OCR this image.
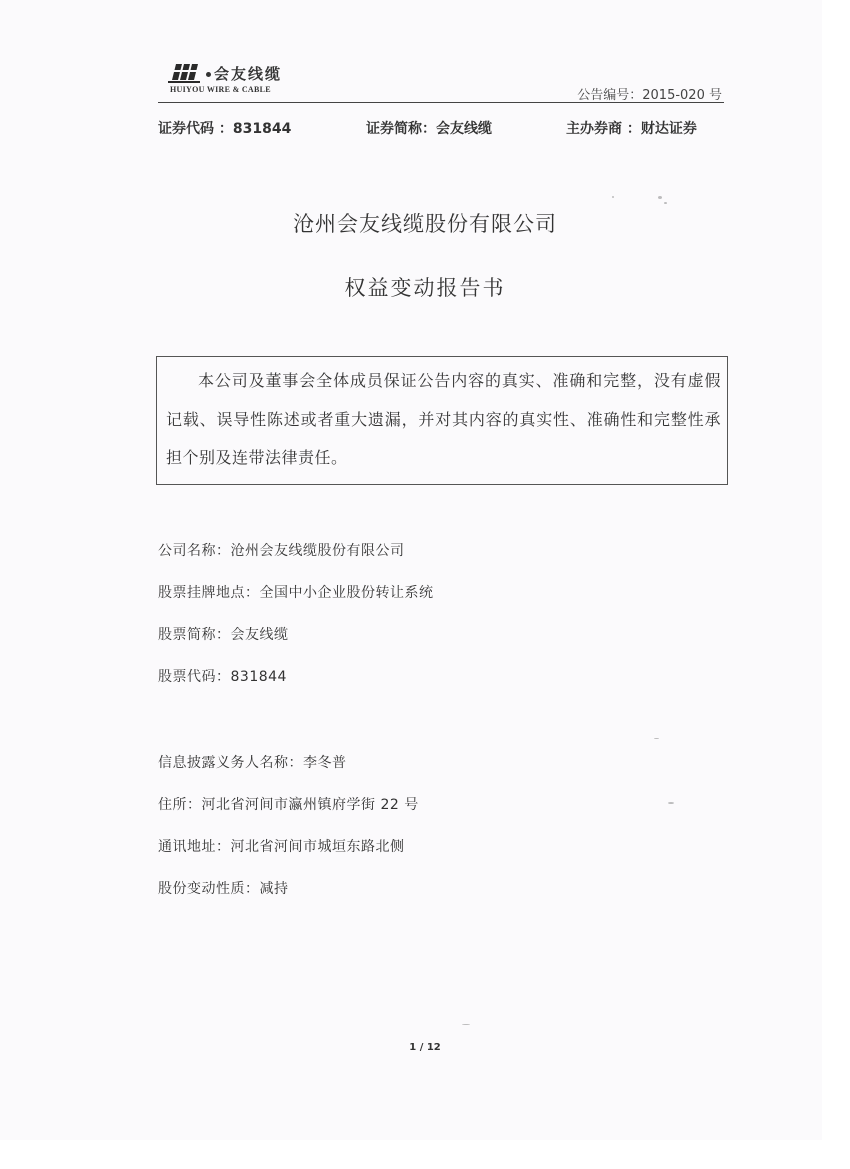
会友线缆
HUIYOU WIRE & CABLE	公告编号：2015-020 号
证券代码 ：831844	证券简称：会友线缆	主办券商 ：财达证券
沧州会友线缆股份有限公司
权益变动报告书

本公司及董事会全体成员保证公告内容的真实、准确和完整，没有虚假记载、误导性陈述或者重大遗漏，并对其内容的真实性、准确性和完整性承担个别及连带法律责任。

公司名称：沧州会友线缆股份有限公司
股票挂牌地点：全国中小企业股份转让系统
股票简称：会友线缆
股票代码：831844
信息披露义务人名称：李冬普
住所：河北省河间市瀛州镇府学街 22 号
通讯地址：河北省河间市城垣东路北侧
股份变动性质：减持
1 / 12
